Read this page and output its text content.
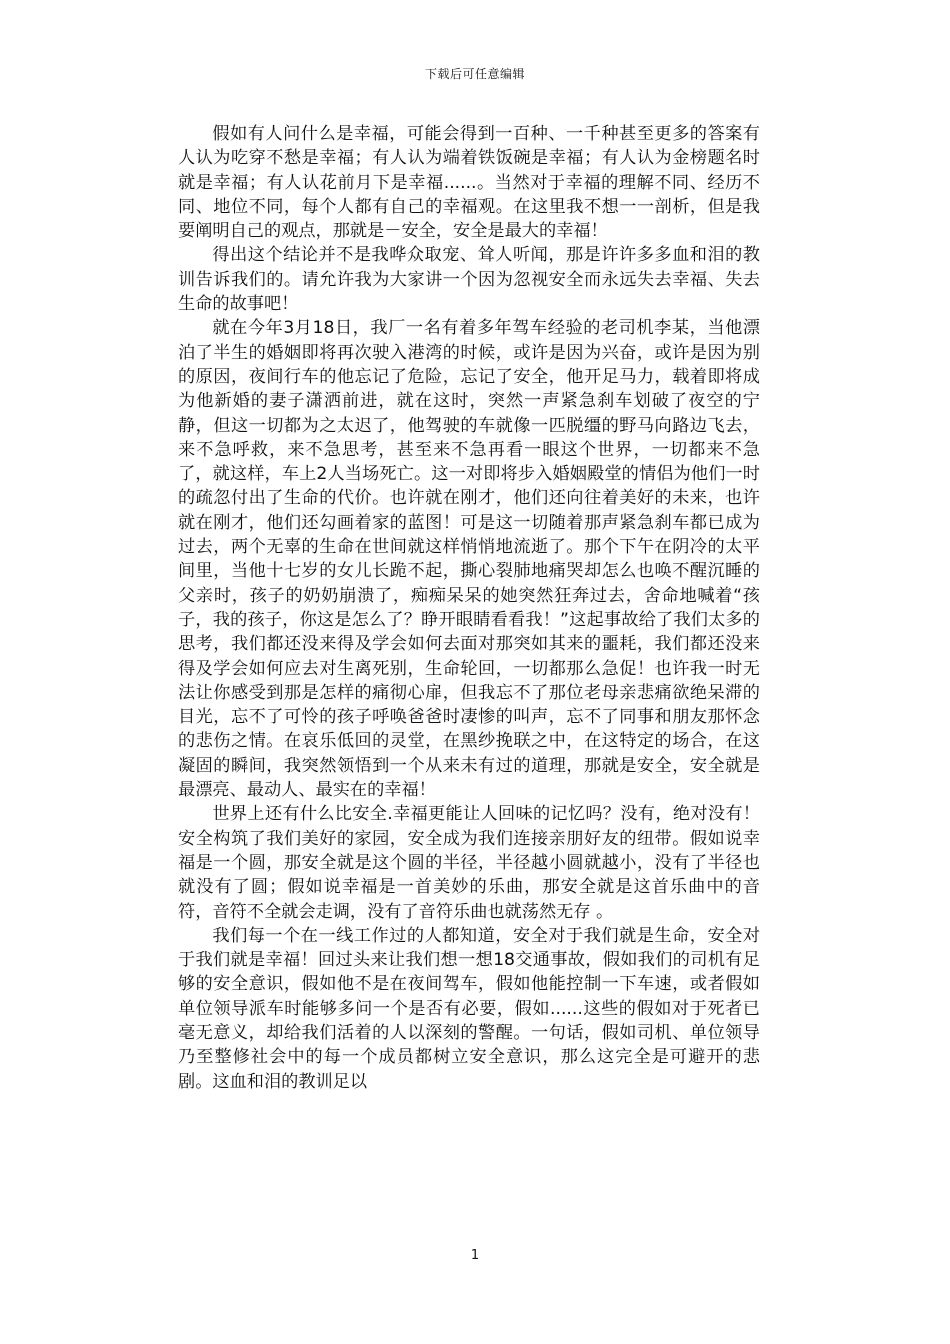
下载后可任意编辑

假如有人问什么是幸福，可能会得到一百种、一千种甚至更多的答案有人认为吃穿不愁是幸福；有人认为端着铁饭碗是幸福；有人认为金榜题名时就是幸福；有人认花前月下是幸福......。当然对于幸福的理解不同、经历不同、地位不同，每个人都有自己的幸福观。在这里我不想一一剖析，但是我要阐明自己的观点，那就是－安全，安全是最大的幸福！

得出这个结论并不是我哗众取宠、耸人听闻，那是许许多多血和泪的教训告诉我们的。请允许我为大家讲一个因为忽视安全而永远失去幸福、失去生命的故事吧！

就在今年3月18日，我厂一名有着多年驾车经验的老司机李某，当他漂泊了半生的婚姻即将再次驶入港湾的时候，或许是因为兴奋，或许是因为别的原因，夜间行车的他忘记了危险，忘记了安全，他开足马力，载着即将成为他新婚的妻子潇洒前进，就在这时，突然一声紧急刹车划破了夜空的宁静，但这一切都为之太迟了，他驾驶的车就像一匹脱缰的野马向路边飞去，来不急呼救，来不急思考，甚至来不急再看一眼这个世界，一切都来不急了，就这样，车上2人当场死亡。这一对即将步入婚姻殿堂的情侣为他们一时的疏忽付出了生命的代价。也许就在刚才，他们还向往着美好的未来，也许就在刚才，他们还勾画着家的蓝图！可是这一切随着那声紧急刹车都已成为过去，两个无辜的生命在世间就这样悄悄地流逝了。那个下午在阴冷的太平间里，当他十七岁的女儿长跪不起，撕心裂肺地痛哭却怎么也唤不醒沉睡的父亲时，孩子的奶奶崩溃了，痴痴呆呆的她突然狂奔过去，舍命地喊着“孩子，我的孩子，你这是怎么了？睁开眼睛看看我！”这起事故给了我们太多的思考，我们都还没来得及学会如何去面对那突如其来的噩耗，我们都还没来得及学会如何应去对生离死别，生命轮回，一切都那么急促！也许我一时无法让你感受到那是怎样的痛彻心扉，但我忘不了那位老母亲悲痛欲绝呆滞的目光，忘不了可怜的孩子呼唤爸爸时凄惨的叫声，忘不了同事和朋友那怀念的悲伤之情。在哀乐低回的灵堂，在黑纱挽联之中，在这特定的场合，在这凝固的瞬间，我突然领悟到一个从来未有过的道理，那就是安全，安全就是最漂亮、最动人、最实在的幸福！

世界上还有什么比安全.幸福更能让人回味的记忆吗？没有，绝对没有！安全构筑了我们美好的家园，安全成为我们连接亲朋好友的纽带。假如说幸福是一个圆，那安全就是这个圆的半径，半径越小圆就越小，没有了半径也就没有了圆；假如说幸福是一首美妙的乐曲，那安全就是这首乐曲中的音符，音符不全就会走调，没有了音符乐曲也就荡然无存 。

我们每一个在一线工作过的人都知道，安全对于我们就是生命，安全对于我们就是幸福！回过头来让我们想一想18交通事故，假如我们的司机有足够的安全意识，假如他不是在夜间驾车，假如他能控制一下车速，或者假如单位领导派车时能够多问一个是否有必要，假如......这些的假如对于死者已毫无意义，却给我们活着的人以深刻的警醒。一句话，假如司机、单位领导乃至整修社会中的每一个成员都树立安全意识，那么这完全是可避开的悲剧。这血和泪的教训足以

1
